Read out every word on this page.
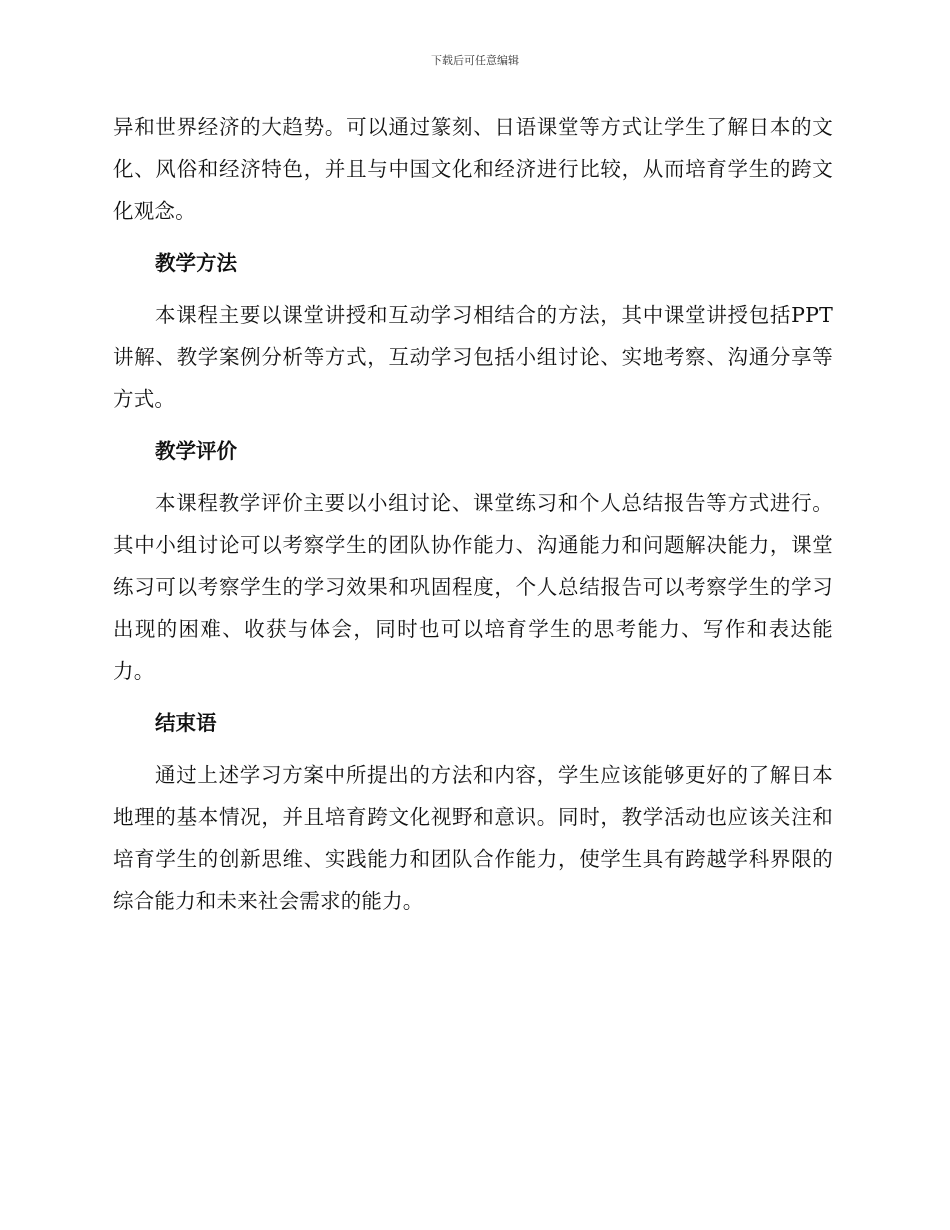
下载后可任意编辑

异和世界经济的大趋势。可以通过篆刻、日语课堂等方式让学生了解日本的文化、风俗和经济特色，并且与中国文化和经济进行比较，从而培育学生的跨文化观念。

教学方法

本课程主要以课堂讲授和互动学习相结合的方法，其中课堂讲授包括PPT讲解、教学案例分析等方式，互动学习包括小组讨论、实地考察、沟通分享等方式。

教学评价

本课程教学评价主要以小组讨论、课堂练习和个人总结报告等方式进行。其中小组讨论可以考察学生的团队协作能力、沟通能力和问题解决能力，课堂练习可以考察学生的学习效果和巩固程度，个人总结报告可以考察学生的学习出现的困难、收获与体会，同时也可以培育学生的思考能力、写作和表达能力。

结束语

通过上述学习方案中所提出的方法和内容，学生应该能够更好的了解日本地理的基本情况，并且培育跨文化视野和意识。同时，教学活动也应该关注和培育学生的创新思维、实践能力和团队合作能力，使学生具有跨越学科界限的综合能力和未来社会需求的能力。
